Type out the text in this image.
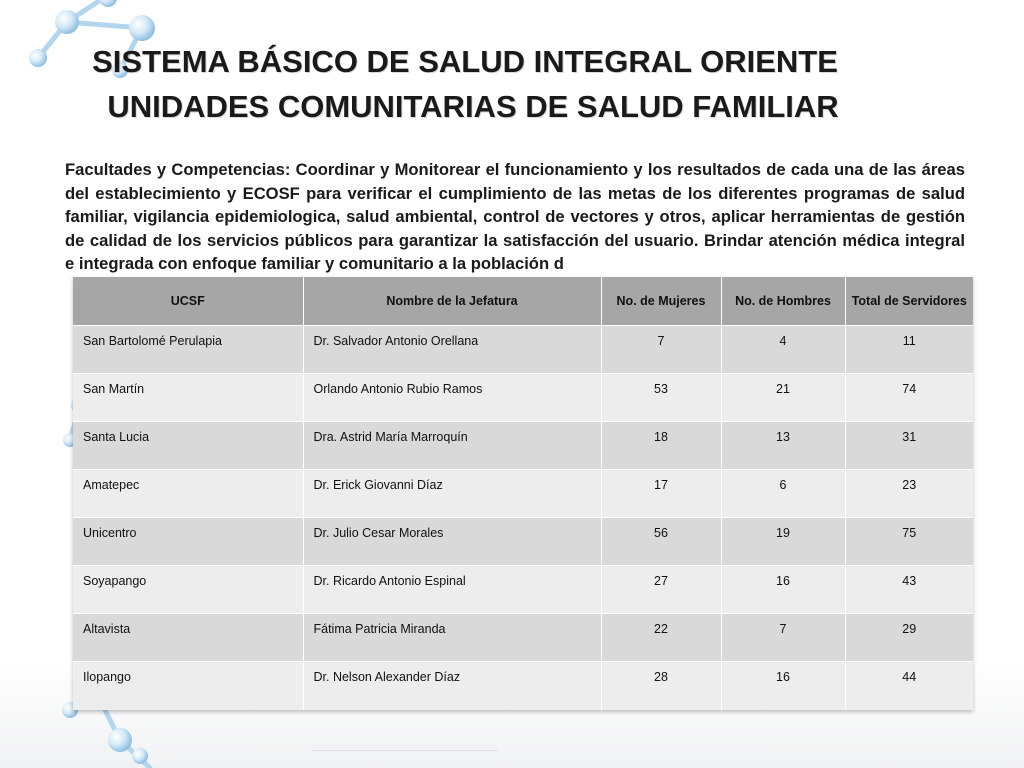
SISTEMA BÁSICO DE SALUD INTEGRAL ORIENTE
UNIDADES COMUNITARIAS DE SALUD FAMILIAR
Facultades y Competencias: Coordinar y Monitorear el funcionamiento y los resultados de cada una de las áreas del establecimiento y ECOSF para verificar el cumplimiento de las metas de los diferentes programas de salud familiar, vigilancia epidemiologica, salud ambiental, control de vectores y otros, aplicar herramientas de gestión de calidad de los servicios públicos para garantizar la satisfacción del usuario. Brindar atención médica integral e integrada con enfoque familiar y comunitario a la población d
UCSF	Nombre de la Jefatura	No. de Mujeres	No. de Hombres	Total de Servidores
San Bartolomé Perulapia	Dr. Salvador Antonio Orellana	7	4	11
San Martín	Orlando Antonio Rubio Ramos	53	21	74
Santa Lucia	Dra. Astrid María Marroquín	18	13	31
Amatepec	Dr. Erick Giovanni Díaz	17	6	23
Unicentro	Dr. Julio Cesar Morales	56	19	75
Soyapango	Dr. Ricardo Antonio Espinal	27	16	43
Altavista	Fátima Patricia Miranda	22	7	29
Ilopango	Dr. Nelson Alexander Díaz	28	16	44
